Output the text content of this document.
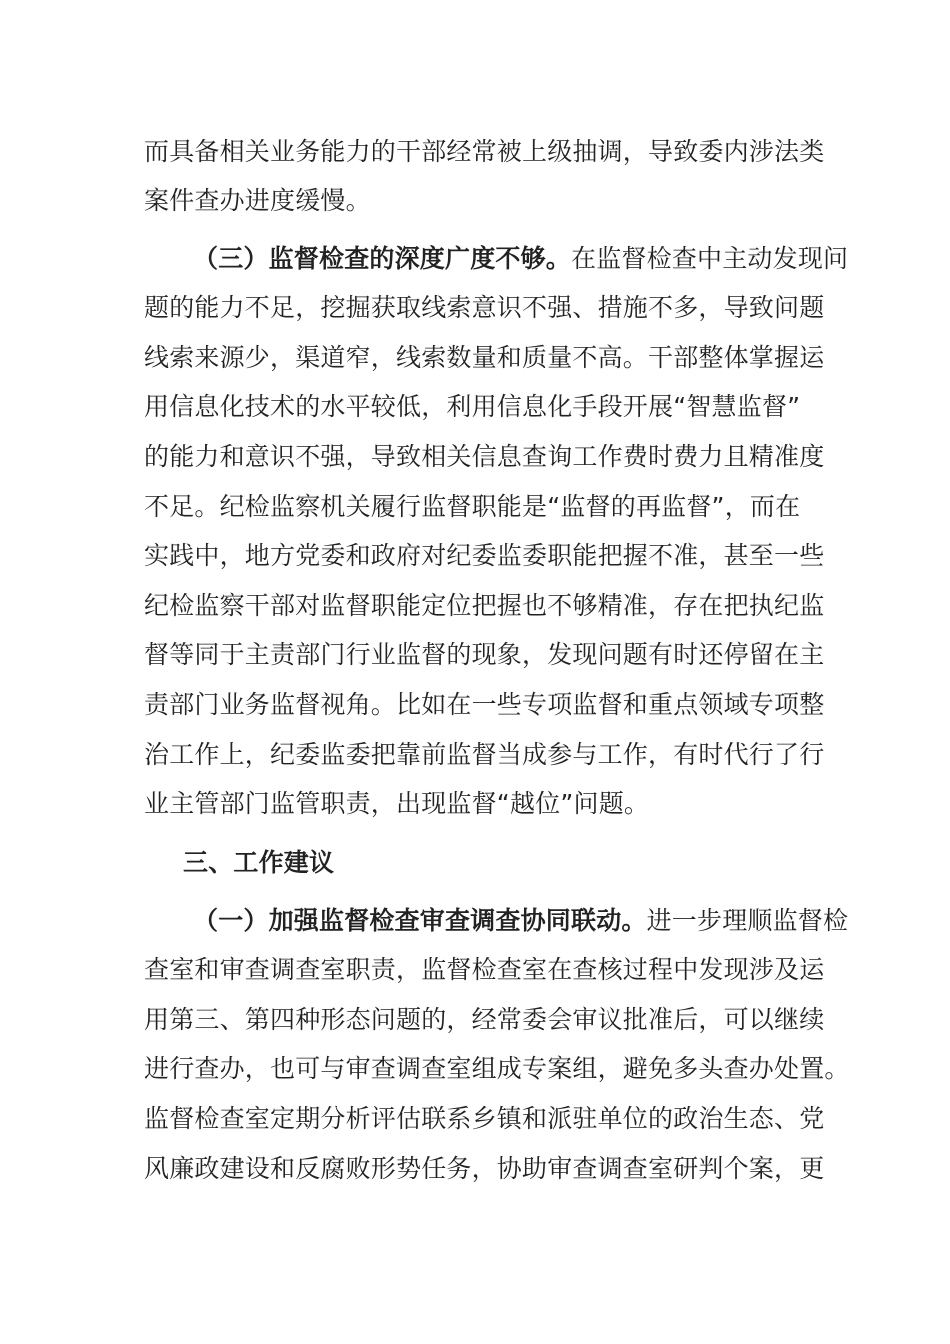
而具备相关业务能力的干部经常被上级抽调，导致委内涉法类
案件查办进度缓慢。
（三）监督检查的深度广度不够。在监督检查中主动发现问
题的能力不足，挖掘获取线索意识不强、措施不多，导致问题
线索来源少，渠道窄，线索数量和质量不高。干部整体掌握运
用信息化技术的水平较低，利用信息化手段开展“智慧监督”
的能力和意识不强，导致相关信息查询工作费时费力且精准度
不足。纪检监察机关履行监督职能是“监督的再监督”，而在
实践中，地方党委和政府对纪委监委职能把握不准，甚至一些
纪检监察干部对监督职能定位把握也不够精准，存在把执纪监
督等同于主责部门行业监督的现象，发现问题有时还停留在主
责部门业务监督视角。比如在一些专项监督和重点领域专项整
治工作上，纪委监委把靠前监督当成参与工作，有时代行了行
业主管部门监管职责，出现监督“越位”问题。
三、工作建议
（一）加强监督检查审查调查协同联动。进一步理顺监督检
查室和审查调查室职责，监督检查室在查核过程中发现涉及运
用第三、第四种形态问题的，经常委会审议批准后，可以继续
进行查办，也可与审查调查室组成专案组，避免多头查办处置。
监督检查室定期分析评估联系乡镇和派驻单位的政治生态、党
风廉政建设和反腐败形势任务，协助审查调查室研判个案，更
